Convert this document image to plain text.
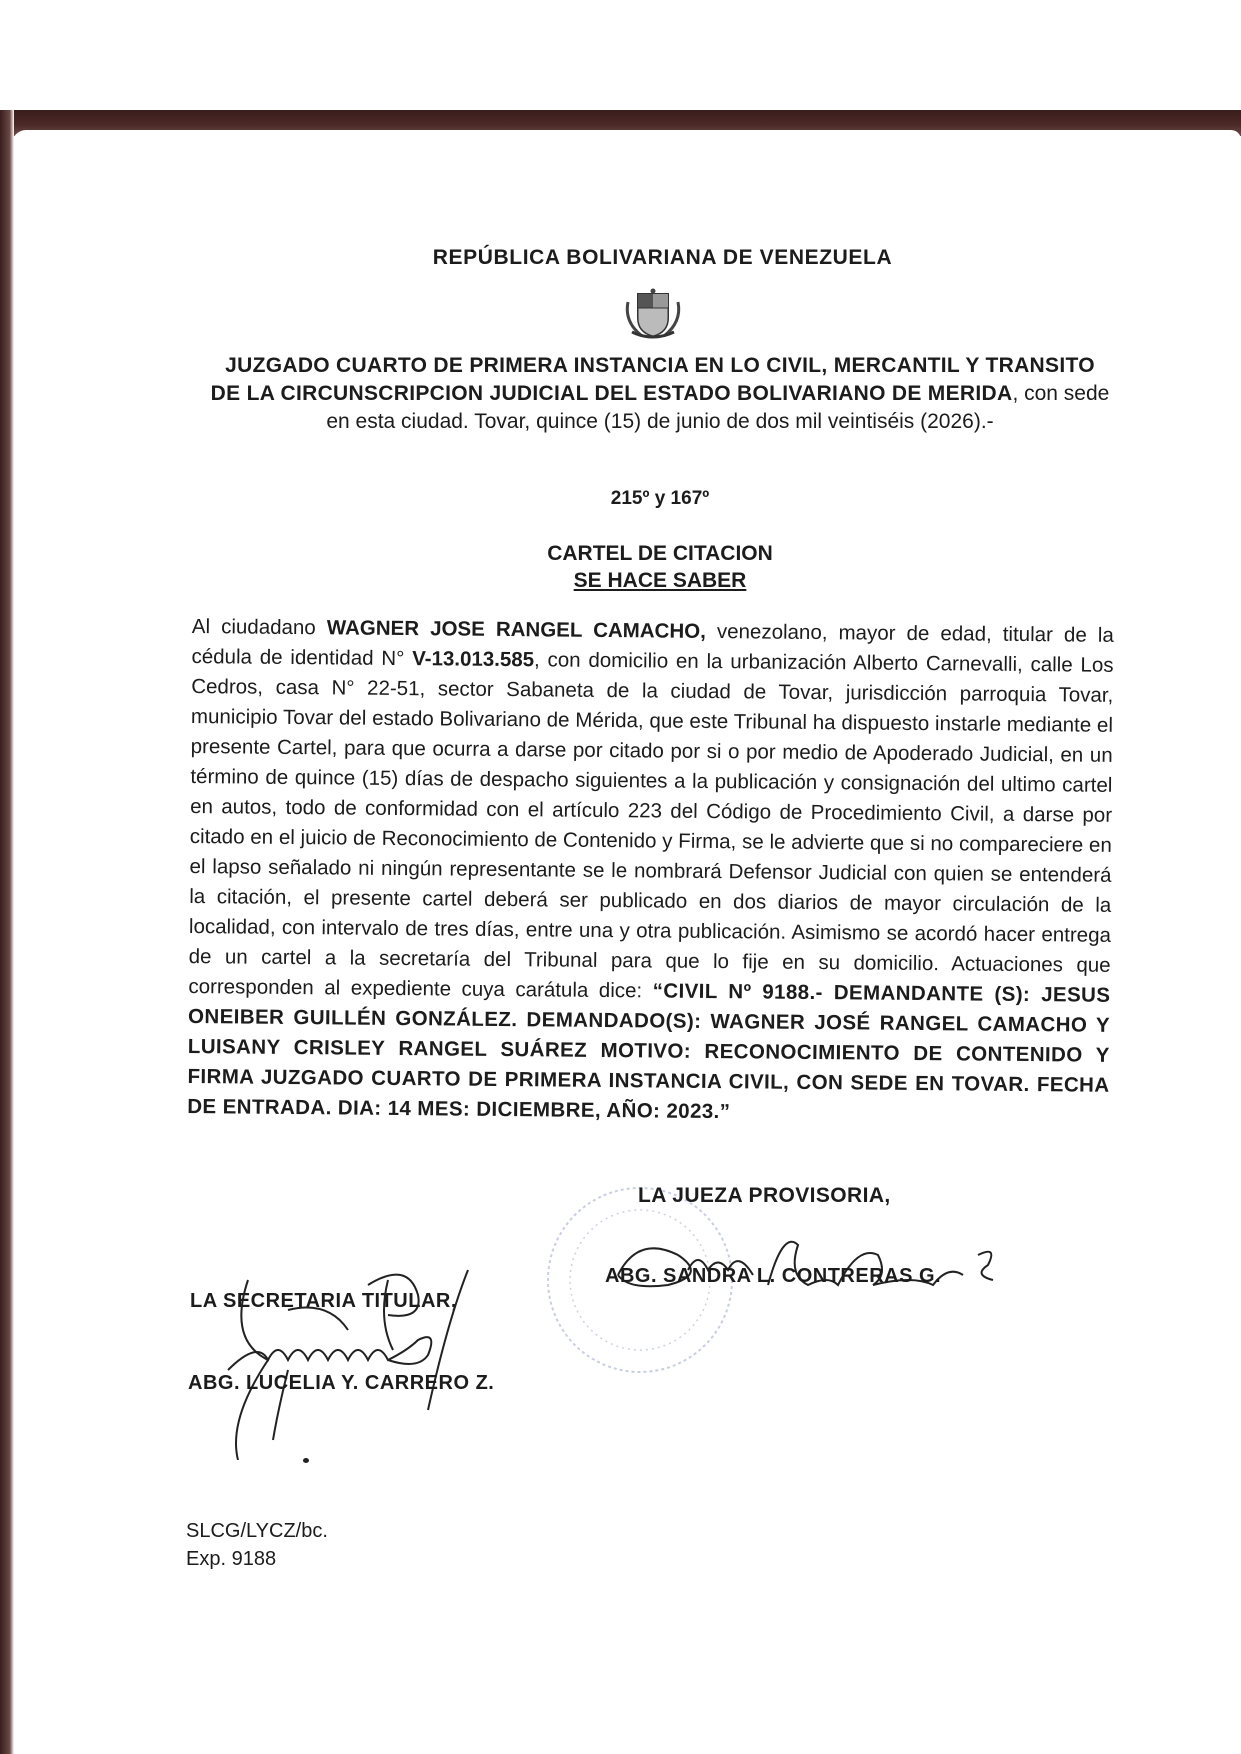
REPÚBLICA BOLIVARIANA DE VENEZUELA
JUZGADO CUARTO DE PRIMERA INSTANCIA EN LO CIVIL, MERCANTIL Y TRANSITO DE LA CIRCUNSCRIPCION JUDICIAL DEL ESTADO BOLIVARIANO DE MERIDA, con sede en esta ciudad. Tovar, quince (15) de junio de dos mil veintiséis (2026).-
215º y 167º
CARTEL DE CITACION
SE HACE SABER
Al ciudadano WAGNER JOSE RANGEL CAMACHO, venezolano, mayor de edad, titular de la cédula de identidad N° V-13.013.585, con domicilio en la urbanización Alberto Carnevalli, calle Los Cedros, casa N° 22-51, sector Sabaneta de la ciudad de Tovar, jurisdicción parroquia Tovar, municipio Tovar del estado Bolivariano de Mérida, que este Tribunal ha dispuesto instarle mediante el presente Cartel, para que ocurra a darse por citado por si o por medio de Apoderado Judicial, en un término de quince (15) días de despacho siguientes a la publicación y consignación del ultimo cartel en autos, todo de conformidad con el artículo 223 del Código de Procedimiento Civil, a darse por citado en el juicio de Reconocimiento de Contenido y Firma, se le advierte que si no compareciere en el lapso señalado ni ningún representante se le nombrará Defensor Judicial con quien se entenderá la citación, el presente cartel deberá ser publicado en dos diarios de mayor circulación de la localidad, con intervalo de tres días, entre una y otra publicación. Asimismo se acordó hacer entrega de un cartel a la secretaría del Tribunal para que lo fije en su domicilio. Actuaciones que corresponden al expediente cuya carátula dice: “CIVIL Nº 9188.- DEMANDANTE (S): JESUS ONEIBER GUILLÉN GONZÁLEZ. DEMANDADO(S): WAGNER JOSÉ RANGEL CAMACHO Y LUISANY CRISLEY RANGEL SUÁREZ MOTIVO: RECONOCIMIENTO DE CONTENIDO Y FIRMA JUZGADO CUARTO DE PRIMERA INSTANCIA CIVIL, CON SEDE EN TOVAR. FECHA DE ENTRADA. DIA: 14 MES: DICIEMBRE, AÑO: 2023.”
LA JUEZA PROVISORIA,
ABG. SANDRA L. CONTRERAS G.
LA SECRETARIA TITULAR,
ABG. LUCELIA Y. CARRERO Z.
SLCG/LYCZ/bc.
Exp. 9188
